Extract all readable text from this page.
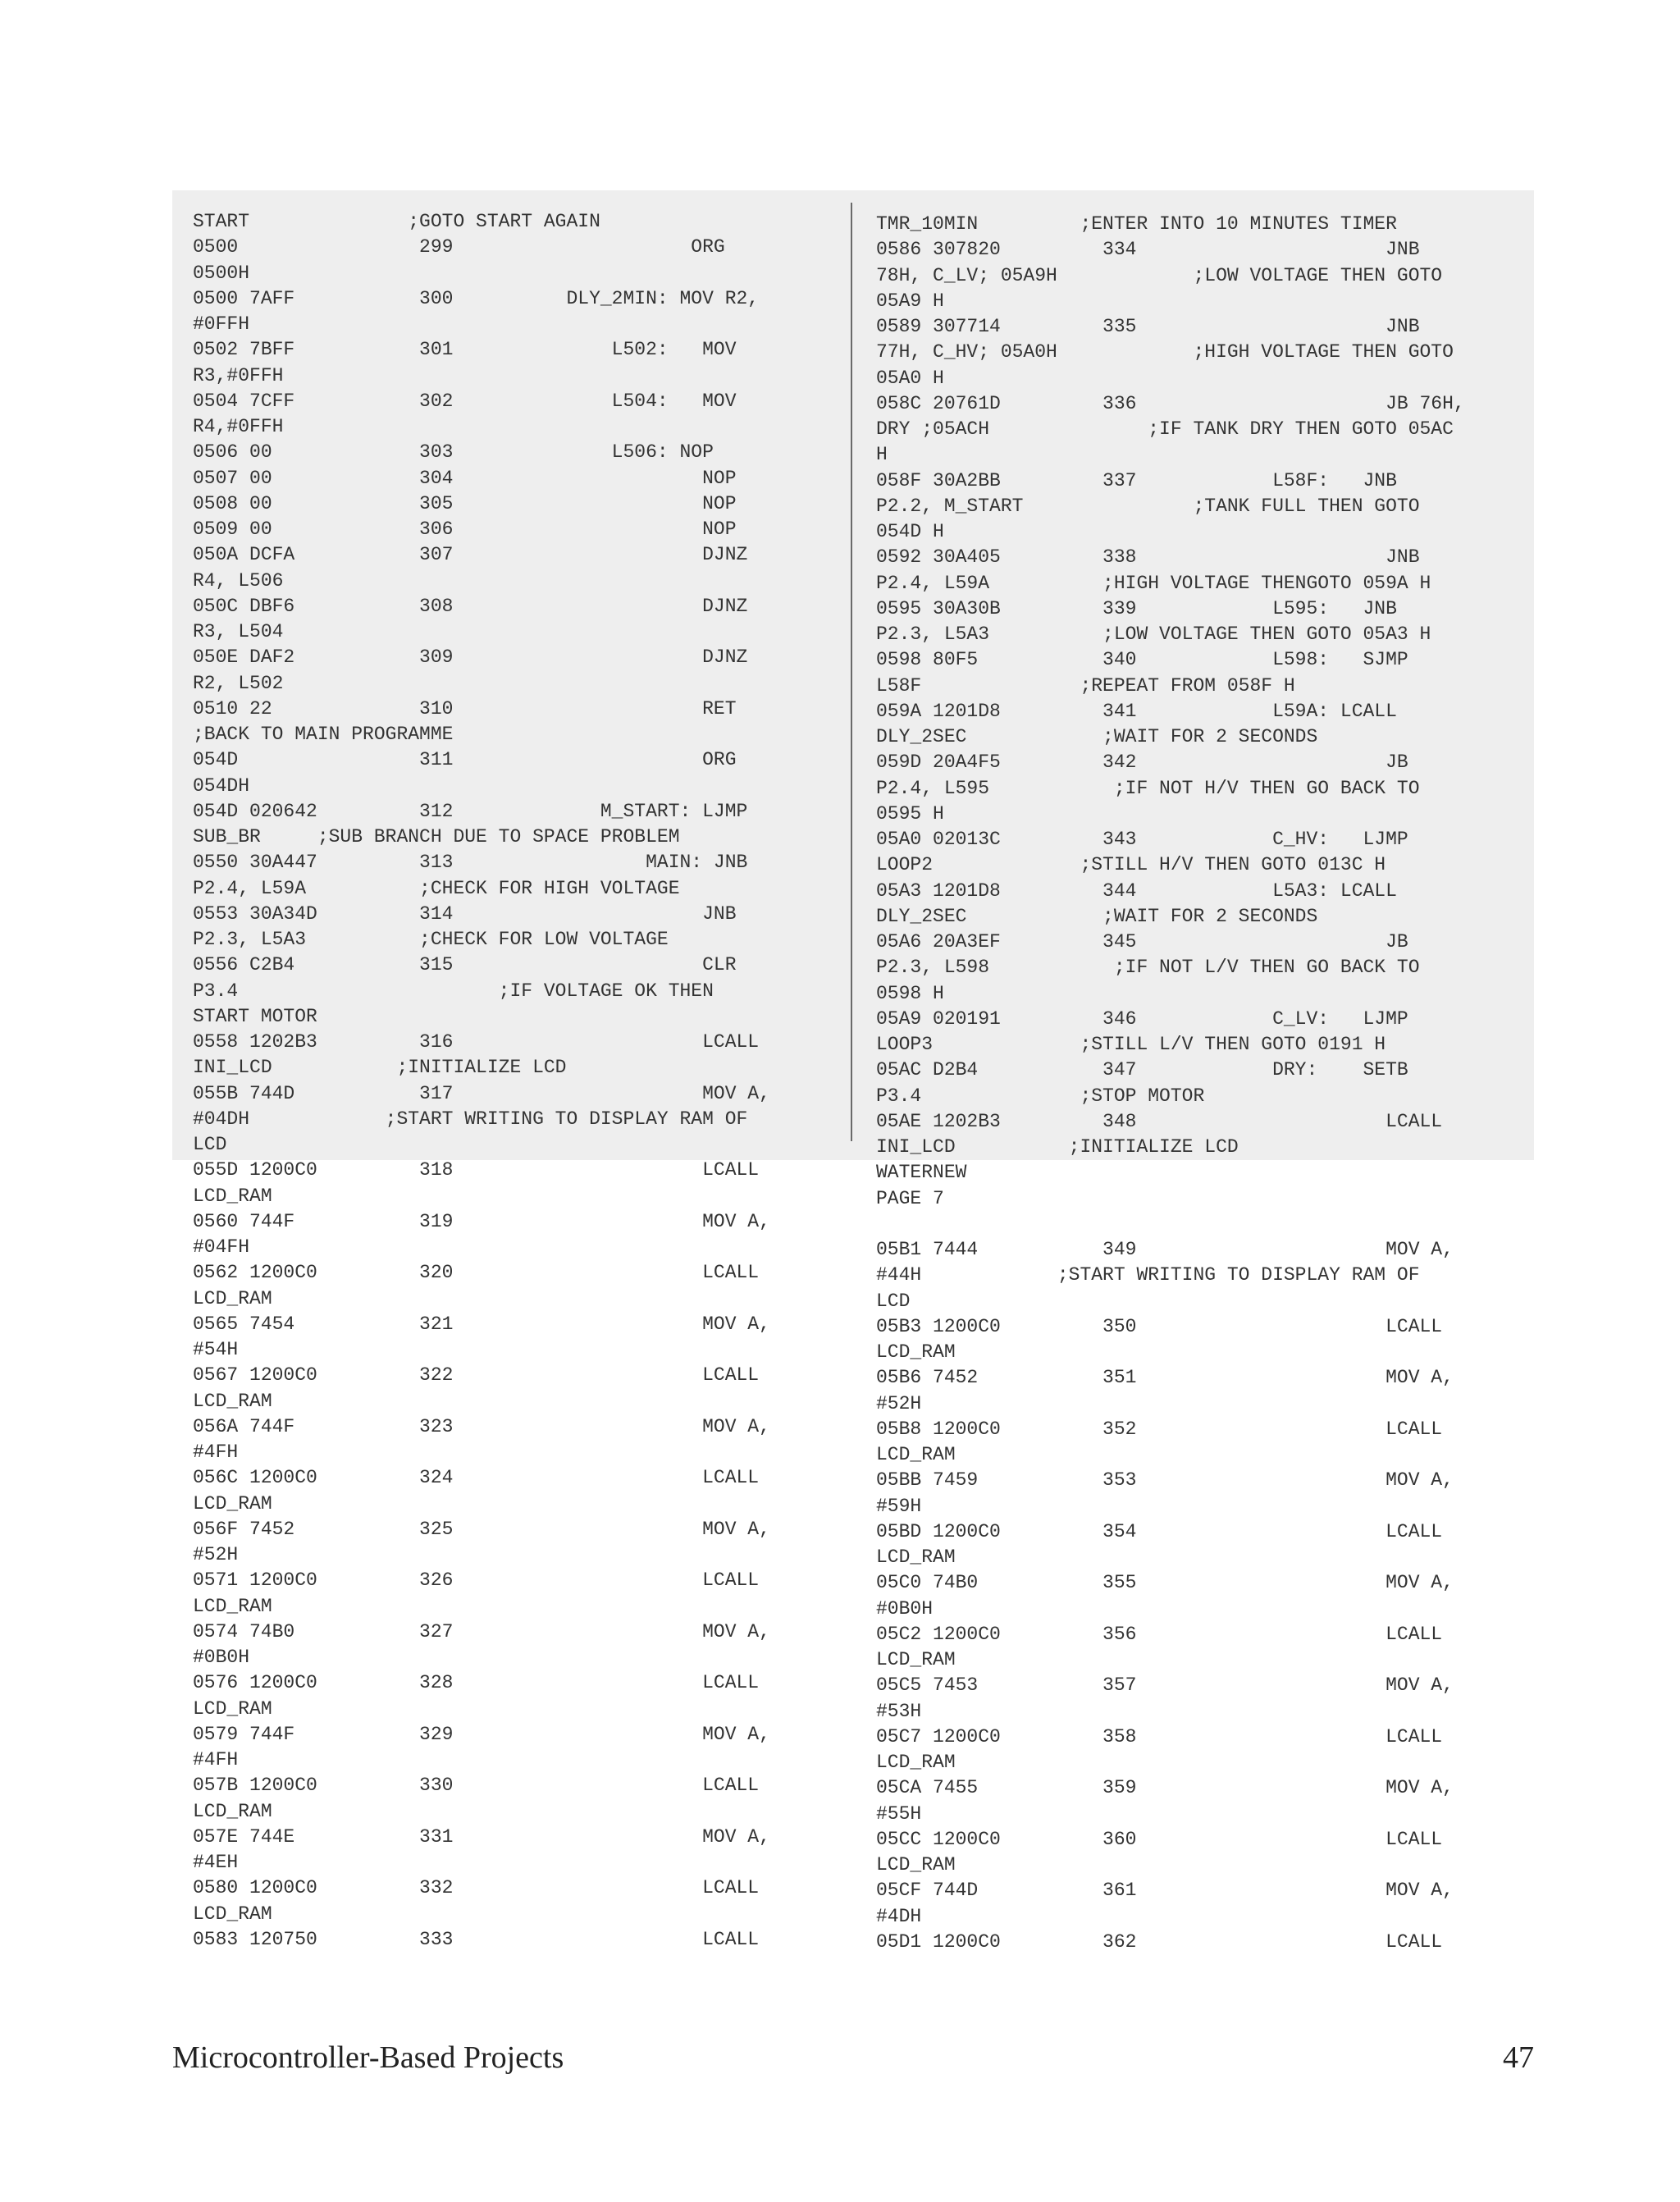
START              ;GOTO START AGAIN
0500                299                     ORG
0500H
0500 7AFF           300          DLY_2MIN: MOV R2,
#0FFH
0502 7BFF           301              L502:   MOV
R3,#0FFH
0504 7CFF           302              L504:   MOV
R4,#0FFH
0506 00             303              L506: NOP
0507 00             304                      NOP
0508 00             305                      NOP
0509 00             306                      NOP
050A DCFA           307                      DJNZ
R4, L506
050C DBF6           308                      DJNZ
R3, L504
050E DAF2           309                      DJNZ
R2, L502
0510 22             310                      RET
;BACK TO MAIN PROGRAMME
054D                311                      ORG
054DH
054D 020642         312             M_START: LJMP
SUB_BR     ;SUB BRANCH DUE TO SPACE PROBLEM
0550 30A447         313                 MAIN: JNB
P2.4, L59A          ;CHECK FOR HIGH VOLTAGE
0553 30A34D         314                      JNB
P2.3, L5A3          ;CHECK FOR LOW VOLTAGE
0556 C2B4           315                      CLR
P3.4                       ;IF VOLTAGE OK THEN
START MOTOR
0558 1202B3         316                      LCALL
INI_LCD           ;INITIALIZE LCD
055B 744D           317                      MOV A,
#04DH            ;START WRITING TO DISPLAY RAM OF
LCD
055D 1200C0         318                      LCALL
LCD_RAM
0560 744F           319                      MOV A,
#04FH
0562 1200C0         320                      LCALL
LCD_RAM
0565 7454           321                      MOV A,
#54H
0567 1200C0         322                      LCALL
LCD_RAM
056A 744F           323                      MOV A,
#4FH
056C 1200C0         324                      LCALL
LCD_RAM
056F 7452           325                      MOV A,
#52H
0571 1200C0         326                      LCALL
LCD_RAM
0574 74B0           327                      MOV A,
#0B0H
0576 1200C0         328                      LCALL
LCD_RAM
0579 744F           329                      MOV A,
#4FH
057B 1200C0         330                      LCALL
LCD_RAM
057E 744E           331                      MOV A,
#4EH
0580 1200C0         332                      LCALL
LCD_RAM
0583 120750         333                      LCALL
TMR_10MIN         ;ENTER INTO 10 MINUTES TIMER
0586 307820         334                      JNB
78H, C_LV; 05A9H            ;LOW VOLTAGE THEN GOTO
05A9 H
0589 307714         335                      JNB
77H, C_HV; 05A0H            ;HIGH VOLTAGE THEN GOTO
05A0 H
058C 20761D         336                      JB 76H,
DRY ;05ACH              ;IF TANK DRY THEN GOTO 05AC
H
058F 30A2BB         337            L58F:   JNB
P2.2, M_START               ;TANK FULL THEN GOTO
054D H
0592 30A405         338                      JNB
P2.4, L59A          ;HIGH VOLTAGE THENGOTO 059A H
0595 30A30B         339            L595:   JNB
P2.3, L5A3          ;LOW VOLTAGE THEN GOTO 05A3 H
0598 80F5           340            L598:   SJMP
L58F              ;REPEAT FROM 058F H
059A 1201D8         341            L59A: LCALL
DLY_2SEC            ;WAIT FOR 2 SECONDS
059D 20A4F5         342                      JB
P2.4, L595           ;IF NOT H/V THEN GO BACK TO
0595 H
05A0 02013C         343            C_HV:   LJMP
LOOP2             ;STILL H/V THEN GOTO 013C H
05A3 1201D8         344            L5A3: LCALL
DLY_2SEC            ;WAIT FOR 2 SECONDS
05A6 20A3EF         345                      JB
P2.3, L598           ;IF NOT L/V THEN GO BACK TO
0598 H
05A9 020191         346            C_LV:   LJMP
LOOP3             ;STILL L/V THEN GOTO 0191 H
05AC D2B4           347            DRY:    SETB
P3.4              ;STOP MOTOR
05AE 1202B3         348                      LCALL
INI_LCD          ;INITIALIZE LCD
WATERNEW
PAGE 7
05B1 7444           349                      MOV A,
#44H            ;START WRITING TO DISPLAY RAM OF
LCD
05B3 1200C0         350                      LCALL
LCD_RAM
05B6 7452           351                      MOV A,
#52H
05B8 1200C0         352                      LCALL
LCD_RAM
05BB 7459           353                      MOV A,
#59H
05BD 1200C0         354                      LCALL
LCD_RAM
05C0 74B0           355                      MOV A,
#0B0H
05C2 1200C0         356                      LCALL
LCD_RAM
05C5 7453           357                      MOV A,
#53H
05C7 1200C0         358                      LCALL
LCD_RAM
05CA 7455           359                      MOV A,
#55H
05CC 1200C0         360                      LCALL
LCD_RAM
05CF 744D           361                      MOV A,
#4DH
05D1 1200C0         362                      LCALL
Microcontroller-Based Projects	47
